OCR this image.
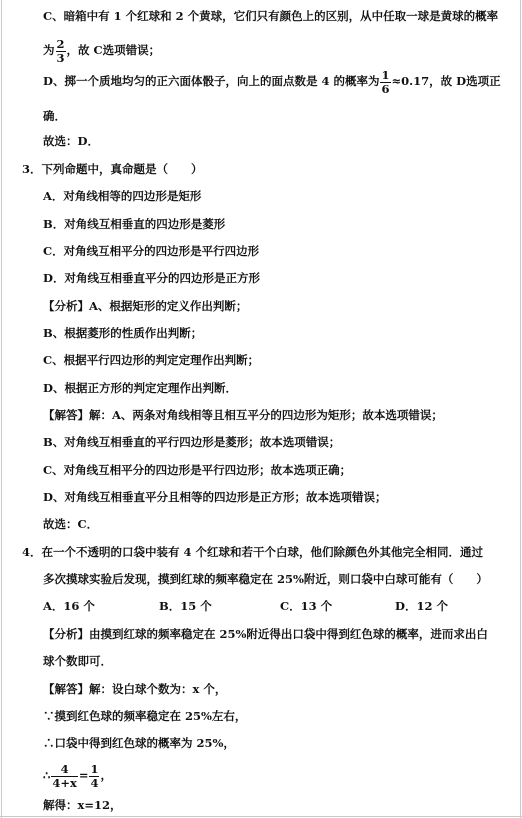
C、暗箱中有 1 个红球和 2 个黄球，它们只有颜色上的区别，从中任取一球是黄球的概率
为 $\frac{2}{3}$ ，故 C选项错误；
D、掷一个质地均匀的正六面体骰子，向上的面点数是 4 的概率为 $\frac{1}{6} \approx 0.17$，故 D选项正
确．
故选：D．
3．下列命题中，真命题是（　　）
A．对角线相等的四边形是矩形
B．对角线互相垂直的四边形是菱形
C．对角线互相平分的四边形是平行四边形
D．对角线互相垂直平分的四边形是正方形
【分析】A、根据矩形的定义作出判断；
B、根据菱形的性质作出判断；
C、根据平行四边形的判定定理作出判断；
D、根据正方形的判定定理作出判断．
【解答】解：A、两条对角线相等且相互平分的四边形为矩形；故本选项错误；
B、对角线互相垂直的平行四边形是菱形；故本选项错误；
C、对角线互相平分的四边形是平行四边形；故本选项正确；
D、对角线互相垂直平分且相等的四边形是正方形；故本选项错误；
故选：C．
4．在一个不透明的口袋中装有 4 个红球和若干个白球，他们除颜色外其他完全相同．通过
多次摸球实验后发现，摸到红球的频率稳定在 25%附近，则口袋中白球可能有（　　）
A．16 个	B．15 个	C．13 个	D．12 个
【分析】由摸到红球的频率稳定在 25%附近得出口袋中得到红色球的概率，进而求出白
球个数即可．
【解答】解：设白球个数为：x 个，
∵摸到红色球的频率稳定在 25%左右，
∴口袋中得到红色球的概率为 25%，
∴ $\frac{4}{4+x} = \frac{1}{4}$ ，
解得：x=12，
